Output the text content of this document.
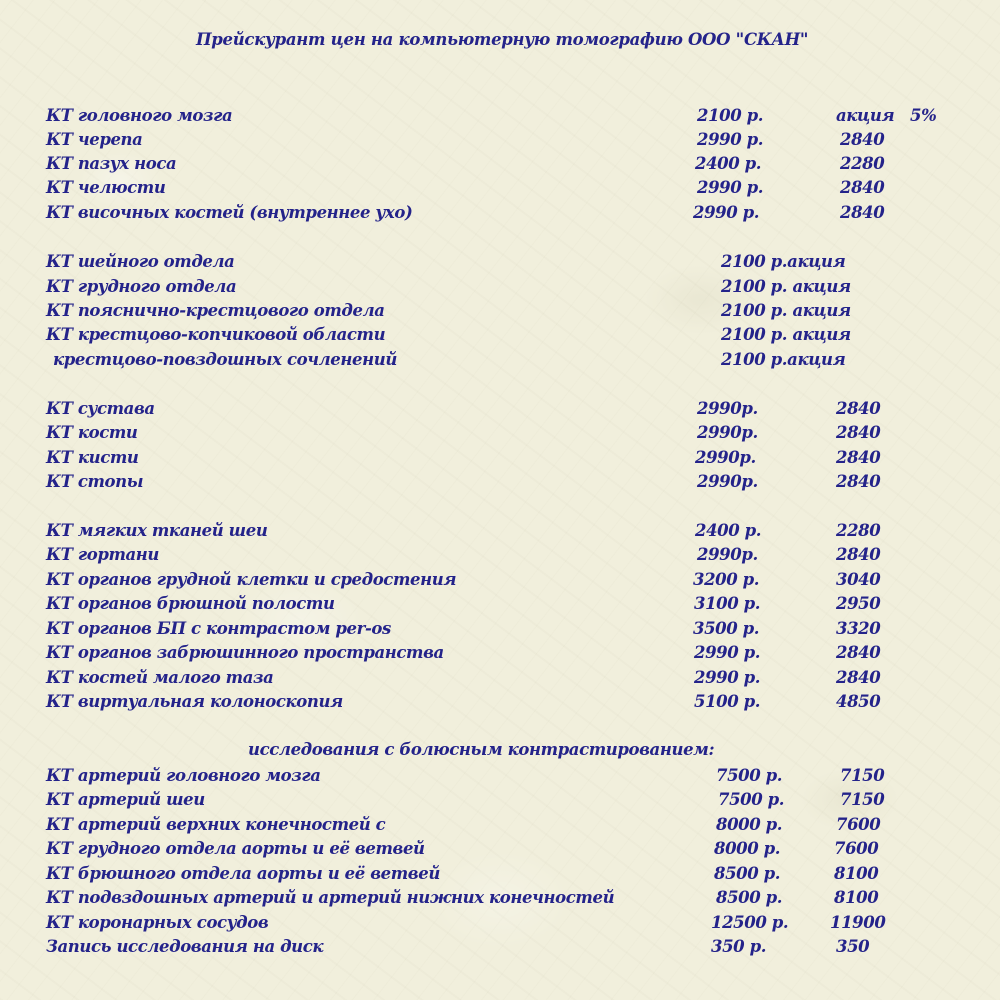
Прейскурант цен на компьютерную томографию ООО "СКАН"
КТ головного мозга	2100 р.	акция 5%
КТ черепа	2990 р.	2840
КТ пазух носа	2400 р.	2280
КТ челюсти	2990 р.	2840
КТ височных костей (внутреннее ухо)	2990 р.	2840
КТ шейного отдела	2100 р.акция
КТ грудного отдела	2100 р. акция
КТ пояснично-крестцового отдела	2100 р. акция
КТ крестцово-копчиковой области	2100 р. акция
крестцово-повздошных сочленений	2100 р.акция
КТ сустава	2990р.	2840
КТ кости	2990р.	2840
КТ кисти	2990р.	2840
КТ стопы	2990р.	2840
КТ мягких тканей шеи	2400 р.	2280
КТ гортани	2990р.	2840
КТ органов грудной клетки и средостения	3200 р.	3040
КТ органов брюшной полости	3100 р.	2950
КТ органов БП с контрастом per-os	3500 р.	3320
КТ органов забрюшинного пространства	2990 р.	2840
КТ костей малого таза	2990 р.	2840
КТ виртуальная колоноскопия	5100 р.	4850
исследования с болюсным контрастированием:
КТ артерий головного мозга	7500 р.	7150
КТ артерий шеи	7500 р.	7150
КТ артерий верхних конечностей с	8000 р.	7600
КТ грудного отдела аорты и её ветвей	8000 р.	7600
КТ брюшного отдела аорты и её ветвей	8500 р.	8100
КТ подвздошных артерий и артерий нижних конечностей	8500 р.	8100
КТ коронарных сосудов	12500 р.	11900
Запись исследования на диск	350 р.	350
